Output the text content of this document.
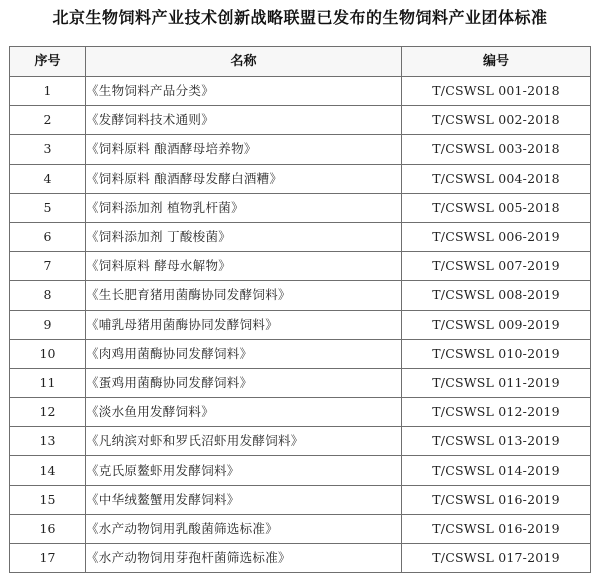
北京生物饲料产业技术创新战略联盟已发布的生物饲料产业团体标准
序号	名称	编号
1	《生物饲料产品分类》	T/CSWSL 001-2018
2	《发酵饲料技术通则》	T/CSWSL 002-2018
3	《饲料原料 酿酒酵母培养物》	T/CSWSL 003-2018
4	《饲料原料 酿酒酵母发酵白酒糟》	T/CSWSL 004-2018
5	《饲料添加剂 植物乳杆菌》	T/CSWSL 005-2018
6	《饲料添加剂 丁酸梭菌》	T/CSWSL 006-2019
7	《饲料原料 酵母水解物》	T/CSWSL 007-2019
8	《生长肥育猪用菌酶协同发酵饲料》	T/CSWSL 008-2019
9	《哺乳母猪用菌酶协同发酵饲料》	T/CSWSL 009-2019
10	《肉鸡用菌酶协同发酵饲料》	T/CSWSL 010-2019
11	《蛋鸡用菌酶协同发酵饲料》	T/CSWSL 011-2019
12	《淡水鱼用发酵饲料》	T/CSWSL 012-2019
13	《凡纳滨对虾和罗氏沼虾用发酵饲料》	T/CSWSL 013-2019
14	《克氏原鳌虾用发酵饲料》	T/CSWSL 014-2019
15	《中华绒鳌蟹用发酵饲料》	T/CSWSL 016-2019
16	《水产动物饲用乳酸菌筛选标准》	T/CSWSL 016-2019
17	《水产动物饲用芽孢杆菌筛选标准》	T/CSWSL 017-2019
